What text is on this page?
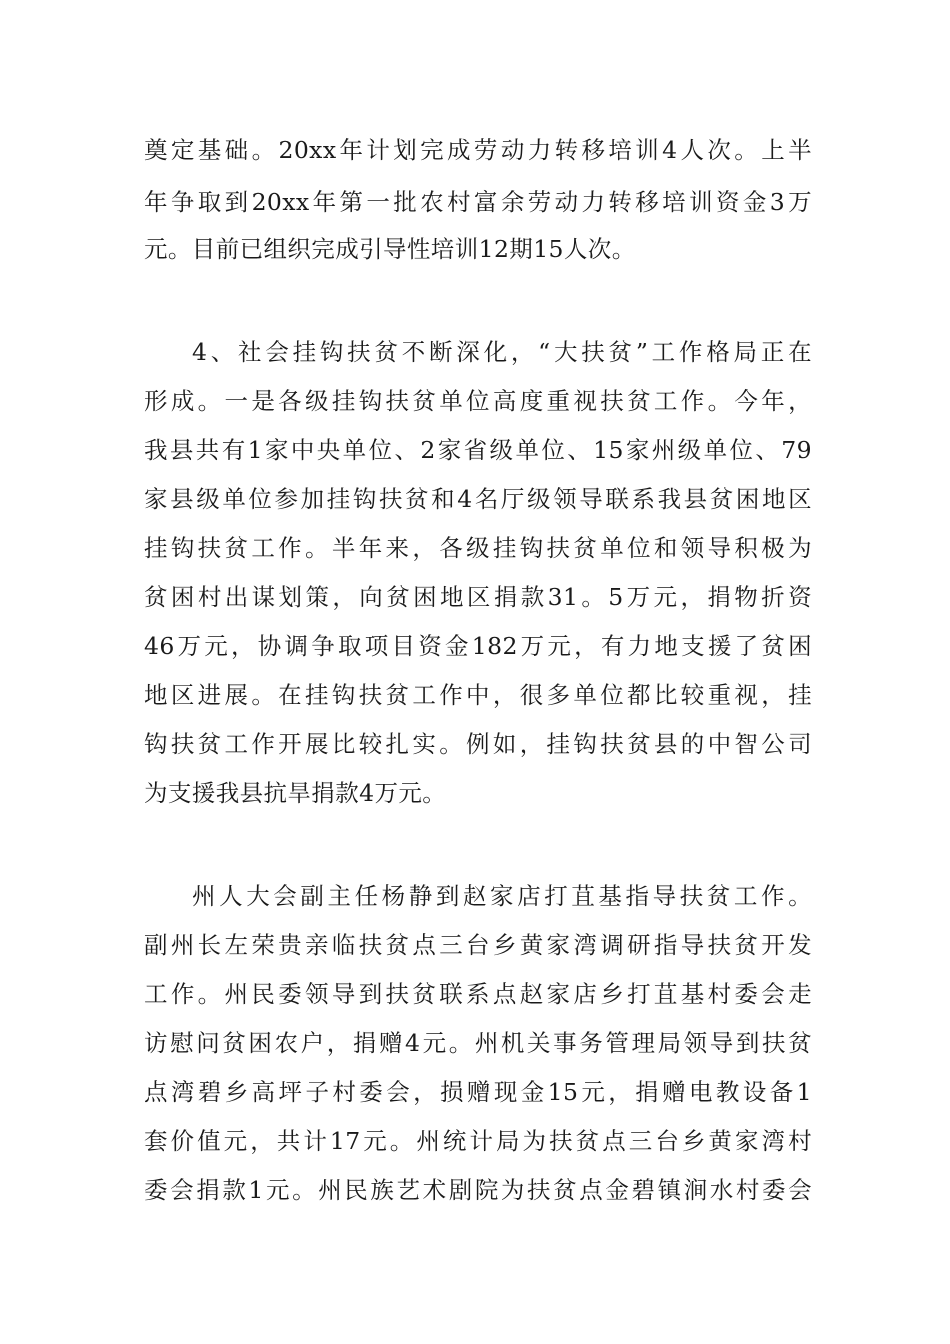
奠定基础。20xx年计划完成劳动力转移培训4人次。上半
年争取到20xx年第一批农村富余劳动力转移培训资金3万
元。目前已组织完成引导性培训12期15人次。
4、社会挂钩扶贫不断深化，“大扶贫”工作格局正在
形成。一是各级挂钩扶贫单位高度重视扶贫工作。今年，
我县共有1家中央单位、2家省级单位、15家州级单位、79
家县级单位参加挂钩扶贫和4名厅级领导联系我县贫困地区
挂钩扶贫工作。半年来，各级挂钩扶贫单位和领导积极为
贫困村出谋划策，向贫困地区捐款31。5万元，捐物折资
46万元，协调争取项目资金182万元，有力地支援了贫困
地区进展。在挂钩扶贫工作中，很多单位都比较重视，挂
钩扶贫工作开展比较扎实。例如，挂钩扶贫县的中智公司
为支援我县抗旱捐款4万元。
州人大会副主任杨静到赵家店打苴基指导扶贫工作。
副州长左荣贵亲临扶贫点三台乡黄家湾调研指导扶贫开发
工作。州民委领导到扶贫联系点赵家店乡打苴基村委会走
访慰问贫困农户，捐赠4元。州机关事务管理局领导到扶贫
点湾碧乡高坪子村委会，损赠现金15元，捐赠电教设备1
套价值元，共计17元。州统计局为扶贫点三台乡黄家湾村
委会捐款1元。州民族艺术剧院为扶贫点金碧镇涧水村委会
